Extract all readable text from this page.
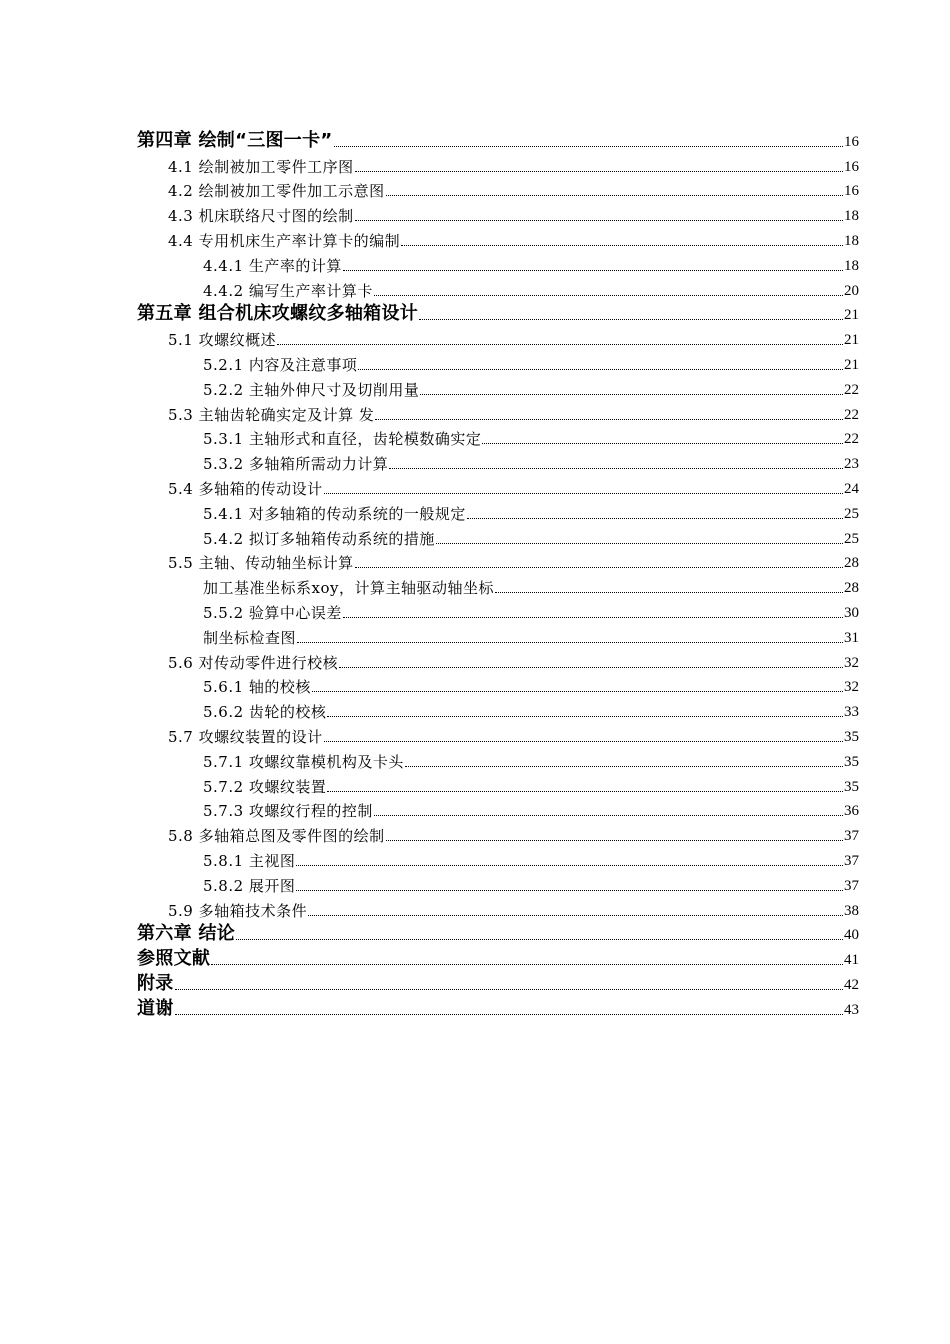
第四章 绘制“三图一卡”	16
4.1 绘制被加工零件工序图	16
4.2 绘制被加工零件加工示意图	16
4.3 机床联络尺寸图的绘制	18
4.4 专用机床生产率计算卡的编制	18
4.4.1 生产率的计算	18
4.4.2 编写生产率计算卡	20
第五章 组合机床攻螺纹多轴箱设计	21
5.1 攻螺纹概述	21
5.2.1 内容及注意事项	21
5.2.2 主轴外伸尺寸及切削用量	22
5.3 主轴齿轮确实定及计算 发	22
5.3.1 主轴形式和直径，齿轮模数确实定	22
5.3.2 多轴箱所需动力计算	23
5.4 多轴箱的传动设计	24
5.4.1 对多轴箱的传动系统的一般规定	25
5.4.2 拟订多轴箱传动系统的措施	25
5.5 主轴、传动轴坐标计算	28
加工基准坐标系xoy，计算主轴驱动轴坐标	28
5.5.2 验算中心误差	30
制坐标检查图	31
5.6 对传动零件进行校核	32
5.6.1 轴的校核	32
5.6.2 齿轮的校核	33
5.7 攻螺纹装置的设计	35
5.7.1 攻螺纹靠模机构及卡头	35
5.7.2 攻螺纹装置	35
5.7.3 攻螺纹行程的控制	36
5.8 多轴箱总图及零件图的绘制	37
5.8.1 主视图	37
5.8.2 展开图	37
5.9 多轴箱技术条件	38
第六章 结论	40
参照文献	41
附录	42
道谢	43
